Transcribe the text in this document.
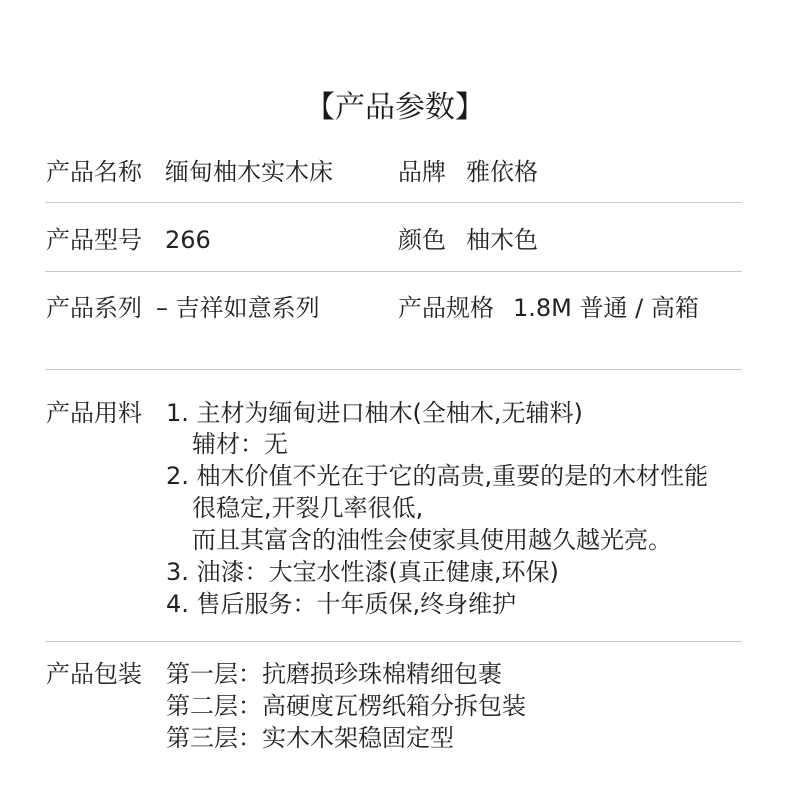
【产品参数】
产品名称 缅甸柚木实木床	品牌 雅依格
产品型号 266	颜色 柚木色
产品系列 – 吉祥如意系列	产品规格 1.8M 普通 / 高箱
产品用料 1. 主材为缅甸进口柚木(全柚木,无辅料)
辅材：无
2. 柚木价值不光在于它的高贵,重要的是的木材性能
很稳定,开裂几率很低,
而且其富含的油性会使家具使用越久越光亮。
3. 油漆：大宝水性漆(真正健康,环保)
4. 售后服务：十年质保,终身维护
产品包装 第一层：抗磨损珍珠棉精细包裹
第二层：高硬度瓦楞纸箱分拆包装
第三层：实木木架稳固定型
